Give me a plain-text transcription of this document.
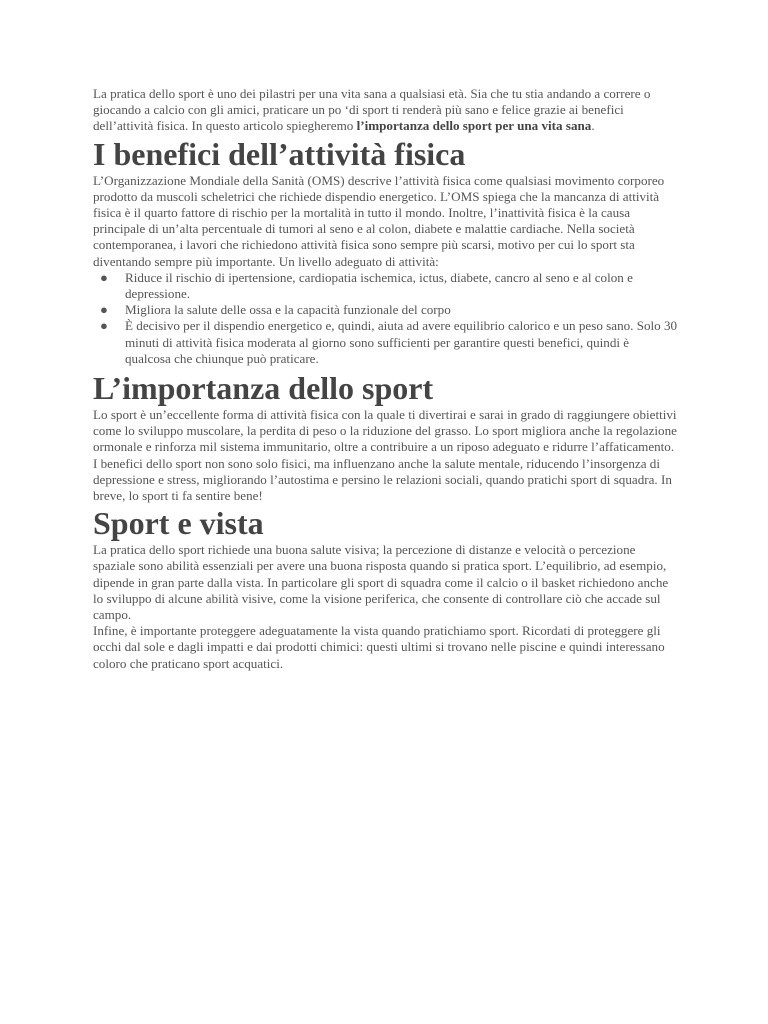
La pratica dello sport è uno dei pilastri per una vita sana a qualsiasi età. Sia che tu stia andando a correre o giocando a calcio con gli amici, praticare un po ‘di sport ti renderà più sano e felice grazie ai benefici dell’attività fisica. In questo articolo spiegheremo l’importanza dello sport per una vita sana.

I benefici dell’attività fisica

L’Organizzazione Mondiale della Sanità (OMS) descrive l’attività fisica come qualsiasi movimento corporeo prodotto da muscoli scheletrici che richiede dispendio energetico. L’OMS spiega che la mancanza di attività fisica è il quarto fattore di rischio per la mortalità in tutto il mondo. Inoltre, l’inattività fisica è la causa principale di un’alta percentuale di tumori al seno e al colon, diabete e malattie cardiache. Nella società contemporanea, i lavori che richiedono attività fisica sono sempre più scarsi, motivo per cui lo sport sta diventando sempre più importante. Un livello adeguato di attività:

● Riduce il rischio di ipertensione, cardiopatia ischemica, ictus, diabete, cancro al seno e al colon e depressione.
● Migliora la salute delle ossa e la capacità funzionale del corpo
● È decisivo per il dispendio energetico e, quindi, aiuta ad avere equilibrio calorico e un peso sano. Solo 30 minuti di attività fisica moderata al giorno sono sufficienti per garantire questi benefici, quindi è qualcosa che chiunque può praticare.
L’importanza dello sport

Lo sport è un’eccellente forma di attività fisica con la quale ti divertirai e sarai in grado di raggiungere obiettivi come lo sviluppo muscolare, la perdita di peso o la riduzione del grasso. Lo sport migliora anche la regolazione ormonale e rinforza mil sistema immunitario, oltre a contribuire a un riposo adeguato e ridurre l’affaticamento. I benefici dello sport non sono solo fisici, ma influenzano anche la salute mentale, riducendo l’insorgenza di depressione e stress, migliorando l’autostima e persino le relazioni sociali, quando pratichi sport di squadra. In breve, lo sport ti fa sentire bene!

Sport e vista

La pratica dello sport richiede una buona salute visiva; la percezione di distanze e velocità o percezione spaziale sono abilità essenziali per avere una buona risposta quando si pratica sport. L’equilibrio, ad esempio, dipende in gran parte dalla vista. In particolare gli sport di squadra come il calcio o il basket richiedono anche lo sviluppo di alcune abilità visive, come la visione periferica, che consente di controllare ciò che accade sul campo.

Infine, è importante proteggere adeguatamente la vista quando pratichiamo sport. Ricordati di proteggere gli occhi dal sole e dagli impatti e dai prodotti chimici: questi ultimi si trovano nelle piscine e quindi interessano coloro che praticano sport acquatici.
